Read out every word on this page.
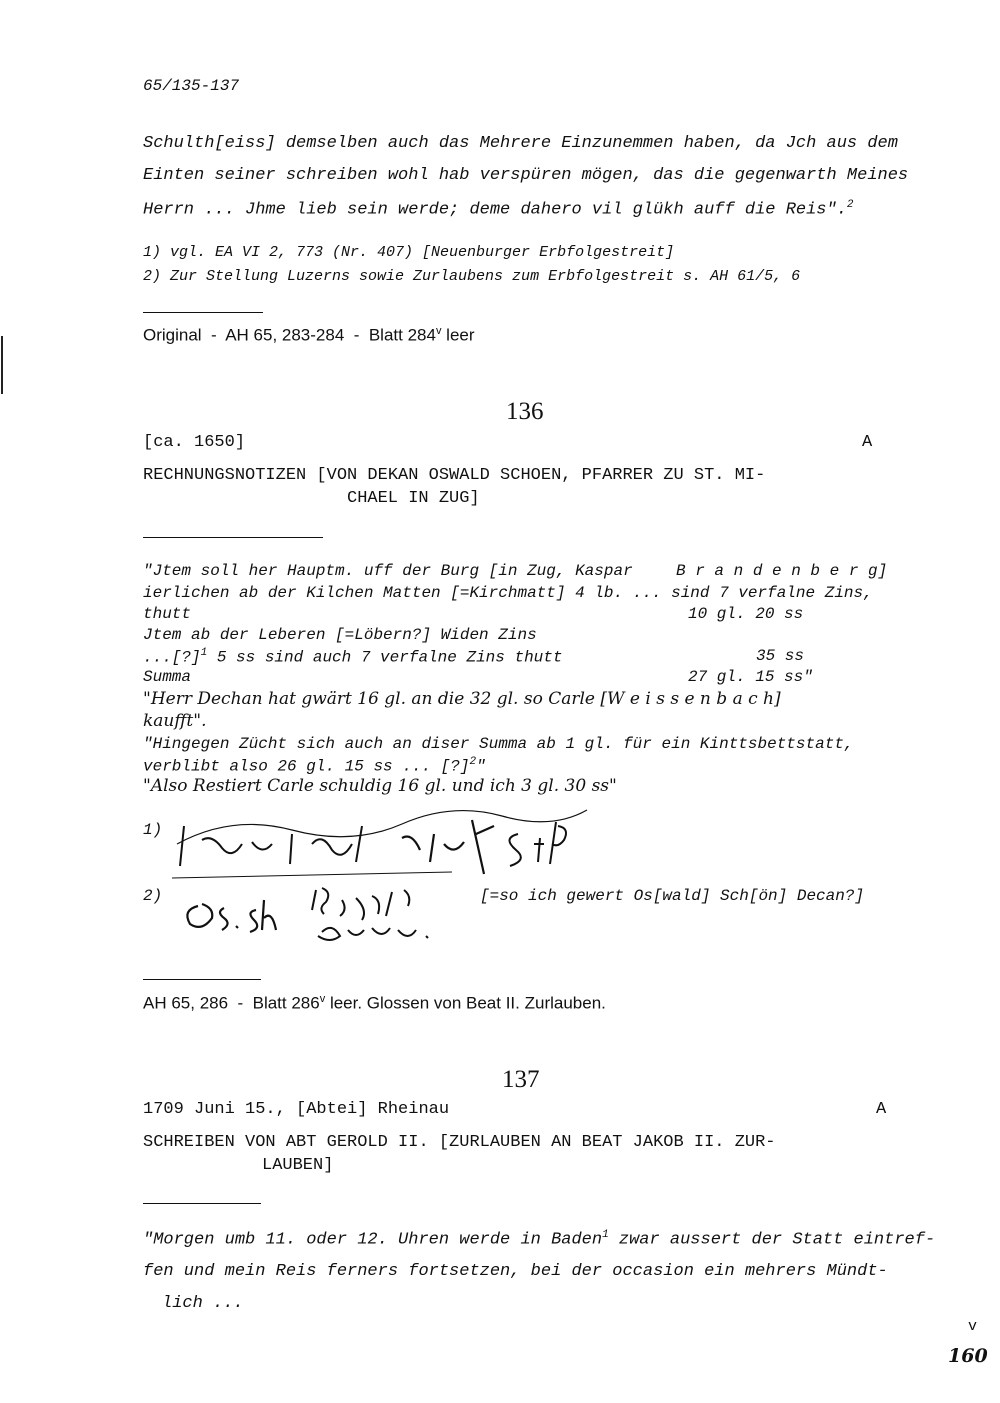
65/135-137
Schulth[eiss] demselben auch das Mehrere Einzunemmen haben, da Jch aus dem
Einten seiner schreiben wohl hab verspüren mögen, das die gegenwarth Meines
Herrn ... Jhme lieb sein werde; deme dahero vil glükh auff die Reis".$^2$
1) vgl. EA VI 2, 773 (Nr. 407) [Neuenburger Erbfolgestreit]
2) Zur Stellung Luzerns sowie Zurlaubens zum Erbfolgestreit s. AH 61/5, 6
Original  -  AH 65, 283-284  -  Blatt 284$^v$ leer
136
[ca. 1650]	A
RECHNUNGSNOTIZEN [VON DEKAN OSWALD SCHOEN, PFARRER ZU ST. MI-
CHAEL IN ZUG]
"Jtem soll her Hauptm. uff der Burg [in Zug, Kaspar	B r a n d e n b e r g]
ierlichen ab der Kilchen Matten [=Kirchmatt] 4 lb. ... sind 7 verfalne Zins,
thutt	10 gl. 20 ss
Jtem ab der Leberen [=Löbern?] Widen Zins
...[?]$^1$ 5 ss sind auch 7 verfalne Zins thutt	35 ss
Summa	27 gl. 15 ss"
"Herr Dechan hat gwärt 16 gl. an die 32 gl. so Carle [W e i s s e n b a c h]
kaufft".
"Hingegen Zücht sich auch an diser Summa ab 1 gl. für ein Kinttsbettstatt,
verblibt also 26 gl. 15 ss ... [?]$^2$"
"Also Restiert Carle schuldig 16 gl. und ich 3 gl. 30 ss"
1)

2)

	[=so ich gewert Os[wald] Sch[ön] Decan?]
AH 65, 286  -  Blatt 286$^v$ leer. Glossen von Beat II. Zurlauben.
137
1709 Juni 15., [Abtei] Rheinau	A
SCHREIBEN VON ABT GEROLD II. [ZURLAUBEN AN BEAT JAKOB II. ZUR-
LAUBEN]
"Morgen umb 11. oder 12. Uhren werde in Baden$^1$ zwar aussert der Statt eintref-
fen und mein Reis ferners fortsetzen, bei der occasion ein mehrers Mündt-
lich ...
v
160
